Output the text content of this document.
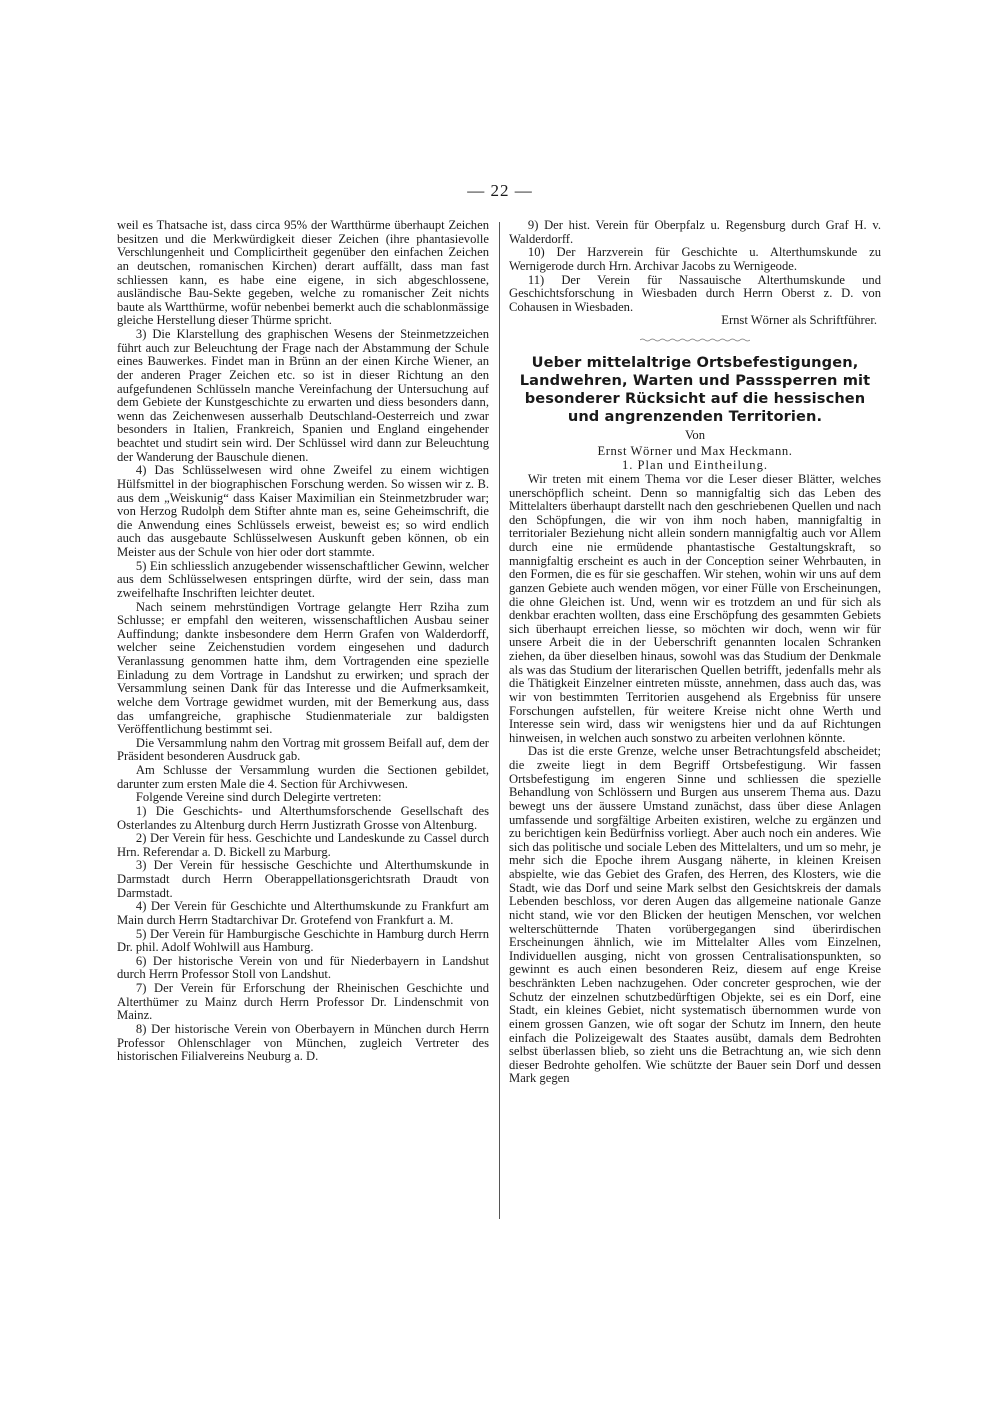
— 22 —

weil es Thatsache ist, dass circa 95% der Wartthürme überhaupt Zeichen besitzen und die Merkwürdigkeit dieser Zeichen (ihre phantasievolle Verschlungenheit und Complicirtheit gegenüber den einfachen Zeichen an deutschen, romanischen Kirchen) derart auffällt, dass man fast schliessen kann, es habe eine eigene, in sich abgeschlossene, ausländische Bau-Sekte gegeben, welche zu romanischer Zeit nichts baute als Wartthürme, wofür nebenbei bemerkt auch die schablonmässige gleiche Herstellung dieser Thürme spricht.

3) Die Klarstellung des graphischen Wesens der Steinmetzzeichen führt auch zur Beleuchtung der Frage nach der Abstammung der Schule eines Bauwerkes. Findet man in Brünn an der einen Kirche Wiener, an der anderen Prager Zeichen etc. so ist in dieser Richtung an den aufgefundenen Schlüsseln manche Vereinfachung der Untersuchung auf dem Gebiete der Kunstgeschichte zu erwarten und diess besonders dann, wenn das Zeichenwesen ausserhalb Deutschland-Oesterreich und zwar besonders in Italien, Frankreich, Spanien und England eingehender beachtet und studirt sein wird. Der Schlüssel wird dann zur Beleuchtung der Wanderung der Bauschule dienen.

4) Das Schlüsselwesen wird ohne Zweifel zu einem wichtigen Hülfsmittel in der biographischen Forschung werden. So wissen wir z. B. aus dem „Weiskunig“ dass Kaiser Maximilian ein Steinmetzbruder war; von Herzog Rudolph dem Stifter ahnte man es, seine Geheimschrift, die die Anwendung eines Schlüssels erweist, beweist es; so wird endlich auch das ausgebaute Schlüsselwesen Auskunft geben können, ob ein Meister aus der Schule von hier oder dort stammte.

5) Ein schliesslich anzugebender wissenschaftlicher Gewinn, welcher aus dem Schlüsselwesen entspringen dürfte, wird der sein, dass man zweifelhafte Inschriften leichter deutet.

Nach seinem mehrstündigen Vortrage gelangte Herr Rziha zum Schlusse; er empfahl den weiteren, wissenschaftlichen Ausbau seiner Auffindung; dankte insbesondere dem Herrn Grafen von Walderdorff, welcher seine Zeichenstudien vordem eingesehen und dadurch Veranlassung genommen hatte ihm, dem Vortragenden eine spezielle Einladung zu dem Vortrage in Landshut zu erwirken; und sprach der Versammlung seinen Dank für das Interesse und die Aufmerksamkeit, welche dem Vortrage gewidmet wurden, mit der Bemerkung aus, dass das umfangreiche, graphische Studienmateriale zur baldigsten Veröffentlichung bestimmt sei.

Die Versammlung nahm den Vortrag mit grossem Beifall auf, dem der Präsident besonderen Ausdruck gab.

Am Schlusse der Versammlung wurden die Sectionen gebildet, darunter zum ersten Male die 4. Section für Archivwesen.

Folgende Vereine sind durch Delegirte vertreten:

1) Die Geschichts- und Alterthumsforschende Gesellschaft des Osterlandes zu Altenburg durch Herrn Justizrath Grosse von Altenburg.

2) Der Verein für hess. Geschichte und Landeskunde zu Cassel durch Hrn. Referendar a. D. Bickell zu Marburg.

3) Der Verein für hessische Geschichte und Alterthumskunde in Darmstadt durch Herrn Oberappellationsgerichtsrath Draudt von Darmstadt.

4) Der Verein für Geschichte und Alterthumskunde zu Frankfurt am Main durch Herrn Stadtarchivar Dr. Grotefend von Frankfurt a. M.

5) Der Verein für Hamburgische Geschichte in Hamburg durch Herrn Dr. phil. Adolf Wohlwill aus Hamburg.

6) Der historische Verein von und für Niederbayern in Landshut durch Herrn Professor Stoll von Landshut.

7) Der Verein für Erforschung der Rheinischen Geschichte und Alterthümer zu Mainz durch Herrn Professor Dr. Lindenschmit von Mainz.

8) Der historische Verein von Oberbayern in München durch Herrn Professor Ohlenschlager von München, zugleich Vertreter des historischen Filialvereins Neuburg a. D.

9) Der hist. Verein für Oberpfalz u. Regensburg durch Graf H. v. Walderdorff.

10) Der Harzverein für Geschichte u. Alterthumskunde zu Wernigerode durch Hrn. Archivar Jacobs zu Wernigeode.

11) Der Verein für Nassauische Alterthumskunde und Geschichtsforschung in Wiesbaden durch Herrn Oberst z. D. von Cohausen in Wiesbaden.

Ernst Wörner als Schriftführer.

Ueber mittelaltrige Ortsbefestigungen, Landwehren, Warten und Passsperren mit besonderer Rücksicht auf die hessischen und angrenzenden Territorien.

Von

Ernst Wörner und Max Heckmann.

1. Plan und Eintheilung.

Wir treten mit einem Thema vor die Leser dieser Blätter, welches unerschöpflich scheint. Denn so mannigfaltig sich das Leben des Mittelalters überhaupt darstellt nach den geschriebenen Quellen und nach den Schöpfungen, die wir von ihm noch haben, mannigfaltig in territorialer Beziehung nicht allein sondern mannigfaltig auch vor Allem durch eine nie ermüdende phantastische Gestaltungskraft, so mannigfaltig erscheint es auch in der Conception seiner Wehrbauten, in den Formen, die es für sie geschaffen. Wir stehen, wohin wir uns auf dem ganzen Gebiete auch wenden mögen, vor einer Fülle von Erscheinungen, die ohne Gleichen ist. Und, wenn wir es trotzdem an und für sich als denkbar erachten wollten, dass eine Erschöpfung des gesammten Gebiets sich überhaupt erreichen liesse, so möchten wir doch, wenn wir für unsere Arbeit die in der Ueberschrift genannten localen Schranken ziehen, da über dieselben hinaus, sowohl was das Studium der Denkmale als was das Studium der literarischen Quellen betrifft, jedenfalls mehr als die Thätigkeit Einzelner eintreten müsste, annehmen, dass auch das, was wir von bestimmten Territorien ausgehend als Ergebniss für unsere Forschungen aufstellen, für weitere Kreise nicht ohne Werth und Interesse sein wird, dass wir wenigstens hier und da auf Richtungen hinweisen, in welchen auch sonstwo zu arbeiten verlohnen könnte.

Das ist die erste Grenze, welche unser Betrachtungsfeld abscheidet; die zweite liegt in dem Begriff Ortsbefestigung. Wir fassen Ortsbefestigung im engeren Sinne und schliessen die spezielle Behandlung von Schlössern und Burgen aus unserem Thema aus. Dazu bewegt uns der äussere Umstand zunächst, dass über diese Anlagen umfassende und sorgfältige Arbeiten existiren, welche zu ergänzen und zu berichtigen kein Bedürfniss vorliegt. Aber auch noch ein anderes. Wie sich das politische und sociale Leben des Mittelalters, und um so mehr, je mehr sich die Epoche ihrem Ausgang näherte, in kleinen Kreisen abspielte, wie das Gebiet des Grafen, des Herren, des Klosters, wie die Stadt, wie das Dorf und seine Mark selbst den Gesichtskreis der damals Lebenden beschloss, vor deren Augen das allgemeine nationale Ganze nicht stand, wie vor den Blicken der heutigen Menschen, vor welchen welterschütternde Thaten vorübergegangen sind überirdischen Erscheinungen ähnlich, wie im Mittelalter Alles vom Einzelnen, Individuellen ausging, nicht von grossen Centralisationspunkten, so gewinnt es auch einen besonderen Reiz, diesem auf enge Kreise beschränkten Leben nachzugehen. Oder concreter gesprochen, wie der Schutz der einzelnen schutzbedürftigen Objekte, sei es ein Dorf, eine Stadt, ein kleines Gebiet, nicht systematisch übernommen wurde von einem grossen Ganzen, wie oft sogar der Schutz im Innern, den heute einfach die Polizeigewalt des Staates ausübt, damals dem Bedrohten selbst überlassen blieb, so zieht uns die Betrachtung an, wie sich denn dieser Bedrohte geholfen. Wie schützte der Bauer sein Dorf und dessen Mark gegen
